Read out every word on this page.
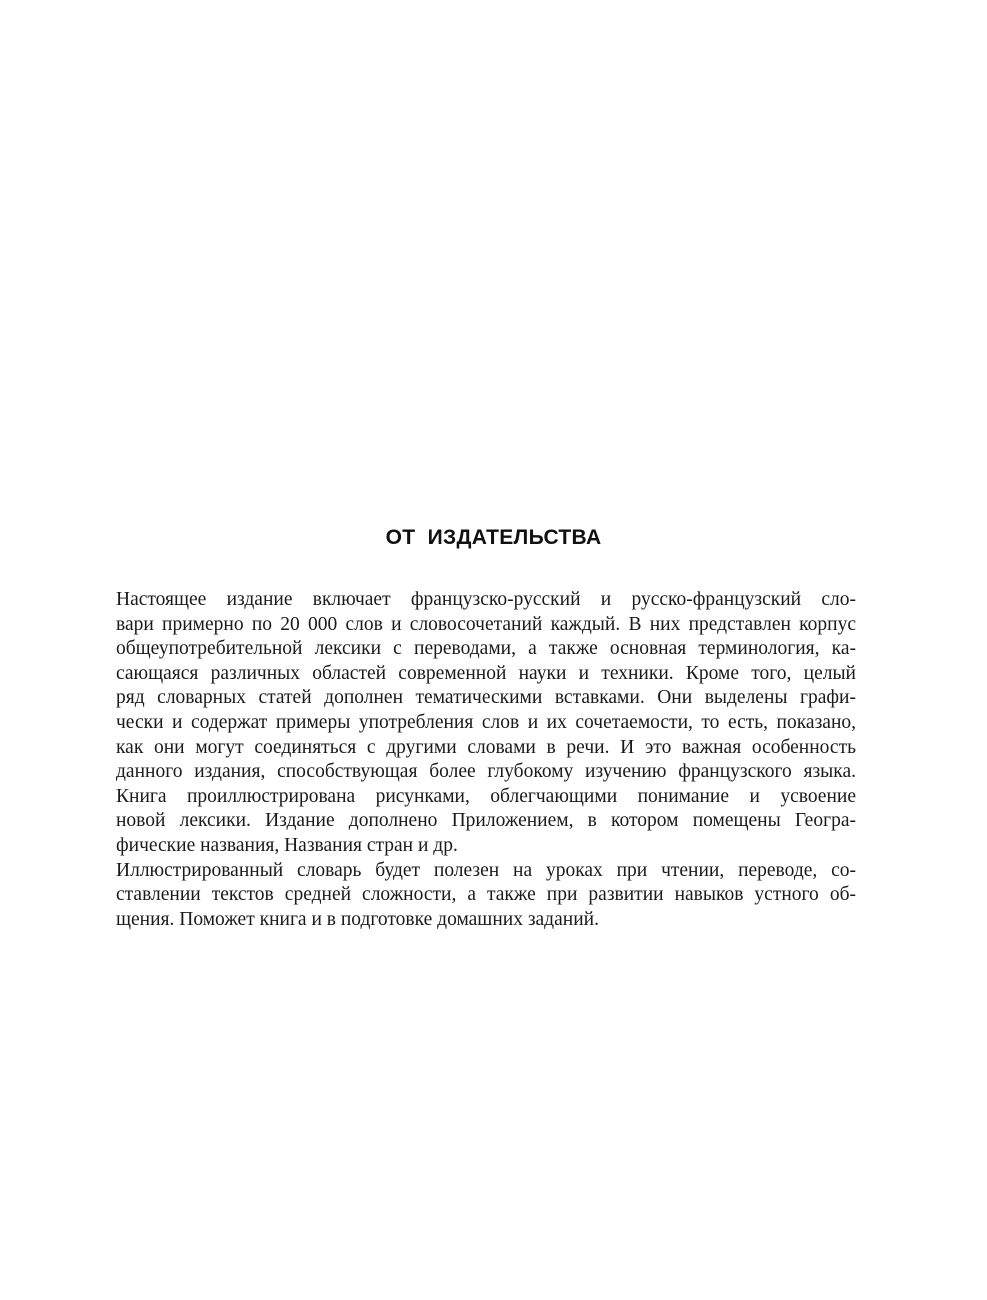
ОТ  ИЗДАТЕЛЬСТВА
Настоящее издание включает французско-русский и русско-французский сло-
вари примерно по 20 000 слов и словосочетаний каждый. В них представлен корпус
общеупотребительной лексики с переводами, а также основная терминология, ка-
сающаяся различных областей современной науки и техники. Кроме того, целый
ряд словарных статей дополнен тематическими вставками. Они выделены графи-
чески и содержат примеры употребления слов и их сочетаемости, то есть, показано,
как они могут соединяться с другими словами в речи. И это важная особенность
данного издания, способствующая более глубокому изучению французского языка.
Книга проиллюстрирована рисунками, облегчающими понимание и усвоение
новой лексики. Издание дополнено Приложением, в котором помещены Геогра-
фические названия, Названия стран и др.
Иллюстрированный словарь будет полезен на уроках при чтении, переводе, со-
ставлении текстов средней сложности, а также при развитии навыков устного об-
щения. Поможет книга и в подготовке домашних заданий.
